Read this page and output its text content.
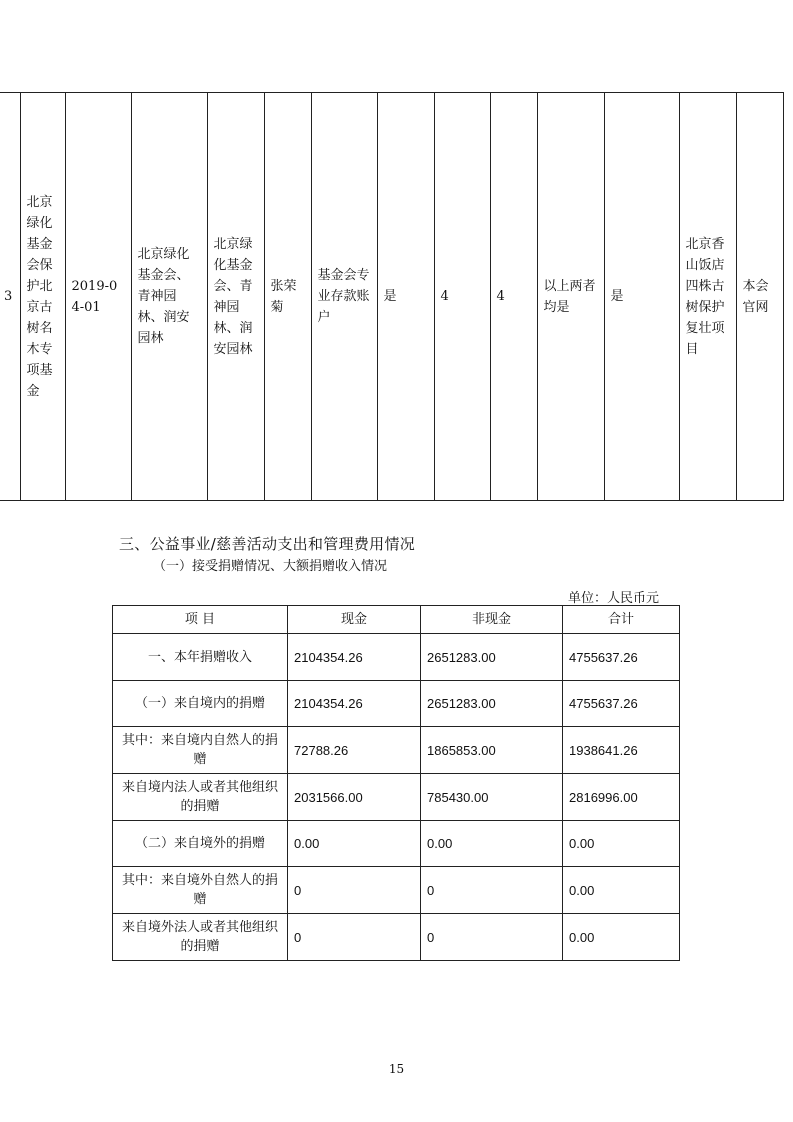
3	北京绿化基金会保护北京古树名木专项基金	2019-04-01	北京绿化基金会、青神园林、润安园林	北京绿化基金会、青神园林、润安园林	张荣菊	基金会专业存款账户	是	4	4	以上两者均是	是	北京香山饭店四株古树保护复壮项目	本会官网
三、公益事业/慈善活动支出和管理费用情况
（一）接受捐赠情况、大额捐赠收入情况
单位：人民币元
项 目	现金	非现金	合计
一、本年捐赠收入	2104354.26	2651283.00	4755637.26
（一）来自境内的捐赠	2104354.26	2651283.00	4755637.26
其中：来自境内自然人的捐赠	72788.26	1865853.00	1938641.26
来自境内法人或者其他组织的捐赠	2031566.00	785430.00	2816996.00
（二）来自境外的捐赠	0.00	0.00	0.00
其中：来自境外自然人的捐赠	0	0	0.00
来自境外法人或者其他组织的捐赠	0	0	0.00
15
